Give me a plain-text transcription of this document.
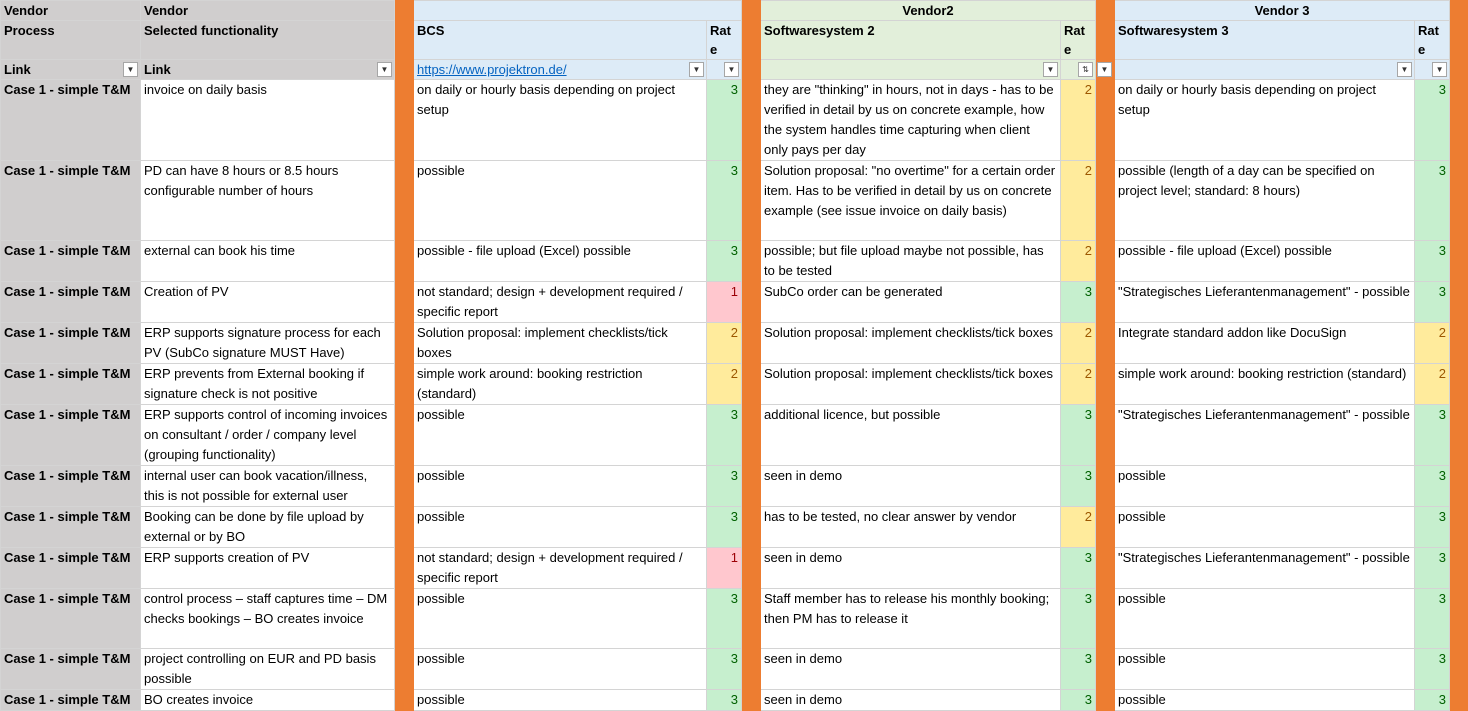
Vendor	Vendor					Vendor2			Vendor 3		
Process	Selected functionality		BCS	Rate		Softwaresystem 2	Rate		Softwaresystem 3	Rate	
Link ▼	Link ▼		https://www.projektron.de/ ▼	▼		▼	⇅	▼	▼	▼	

Case 1 - simple T&M	invoice on daily basis		on daily or hourly basis depending on project setup	3		they are "thinking" in hours, not in days - has to be verified in detail by us on concrete example, how the system handles time capturing when client only pays per day	2		on daily or hourly basis depending on project setup	3	
Case 1 - simple T&M	PD can have 8 hours or 8.5 hours configurable number of hours		possible	3		Solution proposal: "no overtime" for a certain order item. Has to be verified in detail by us on concrete example (see issue invoice on daily basis)	2		possible (length of a day can be specified on project level; standard: 8 hours)	3	
Case 1 - simple T&M	external can book his time		possible - file upload (Excel) possible	3		possible; but file upload maybe not possible, has to be tested	2		possible - file upload (Excel) possible	3	
Case 1 - simple T&M	Creation of PV		not standard; design + development required / specific report	1		SubCo order can be generated	3		"Strategisches Lieferantenmanagement" - possible	3	
Case 1 - simple T&M	ERP supports signature process for each PV (SubCo signature MUST Have)		Solution proposal: implement checklists/tick boxes	2		Solution proposal: implement checklists/tick boxes	2		Integrate standard addon like DocuSign	2	
Case 1 - simple T&M	ERP prevents from External booking if signature check is not positive		simple work around: booking restriction (standard)	2		Solution proposal: implement checklists/tick boxes	2		simple work around: booking restriction (standard)	2	
Case 1 - simple T&M	ERP supports control of incoming invoices on consultant / order / company level (grouping functionality)		possible	3		additional licence, but possible	3		"Strategisches Lieferantenmanagement" - possible	3	
Case 1 - simple T&M	internal user can book vacation/illness, this is not possible for external user		possible	3		seen in demo	3		possible	3	
Case 1 - simple T&M	Booking can be done by file upload by external or by BO		possible	3		has to be tested, no clear answer by vendor	2		possible	3	
Case 1 - simple T&M	ERP supports creation of PV		not standard; design + development required / specific report	1		seen in demo	3		"Strategisches Lieferantenmanagement" - possible	3	
Case 1 - simple T&M	control process – staff captures time – DM checks bookings – BO creates invoice		possible	3		Staff member has to release his monthly booking; then PM has to release it	3		possible	3	
Case 1 - simple T&M	project controlling on EUR and PD basis possible		possible	3		seen in demo	3		possible	3	
Case 1 - simple T&M	BO creates invoice		possible	3		seen in demo	3		possible	3	
